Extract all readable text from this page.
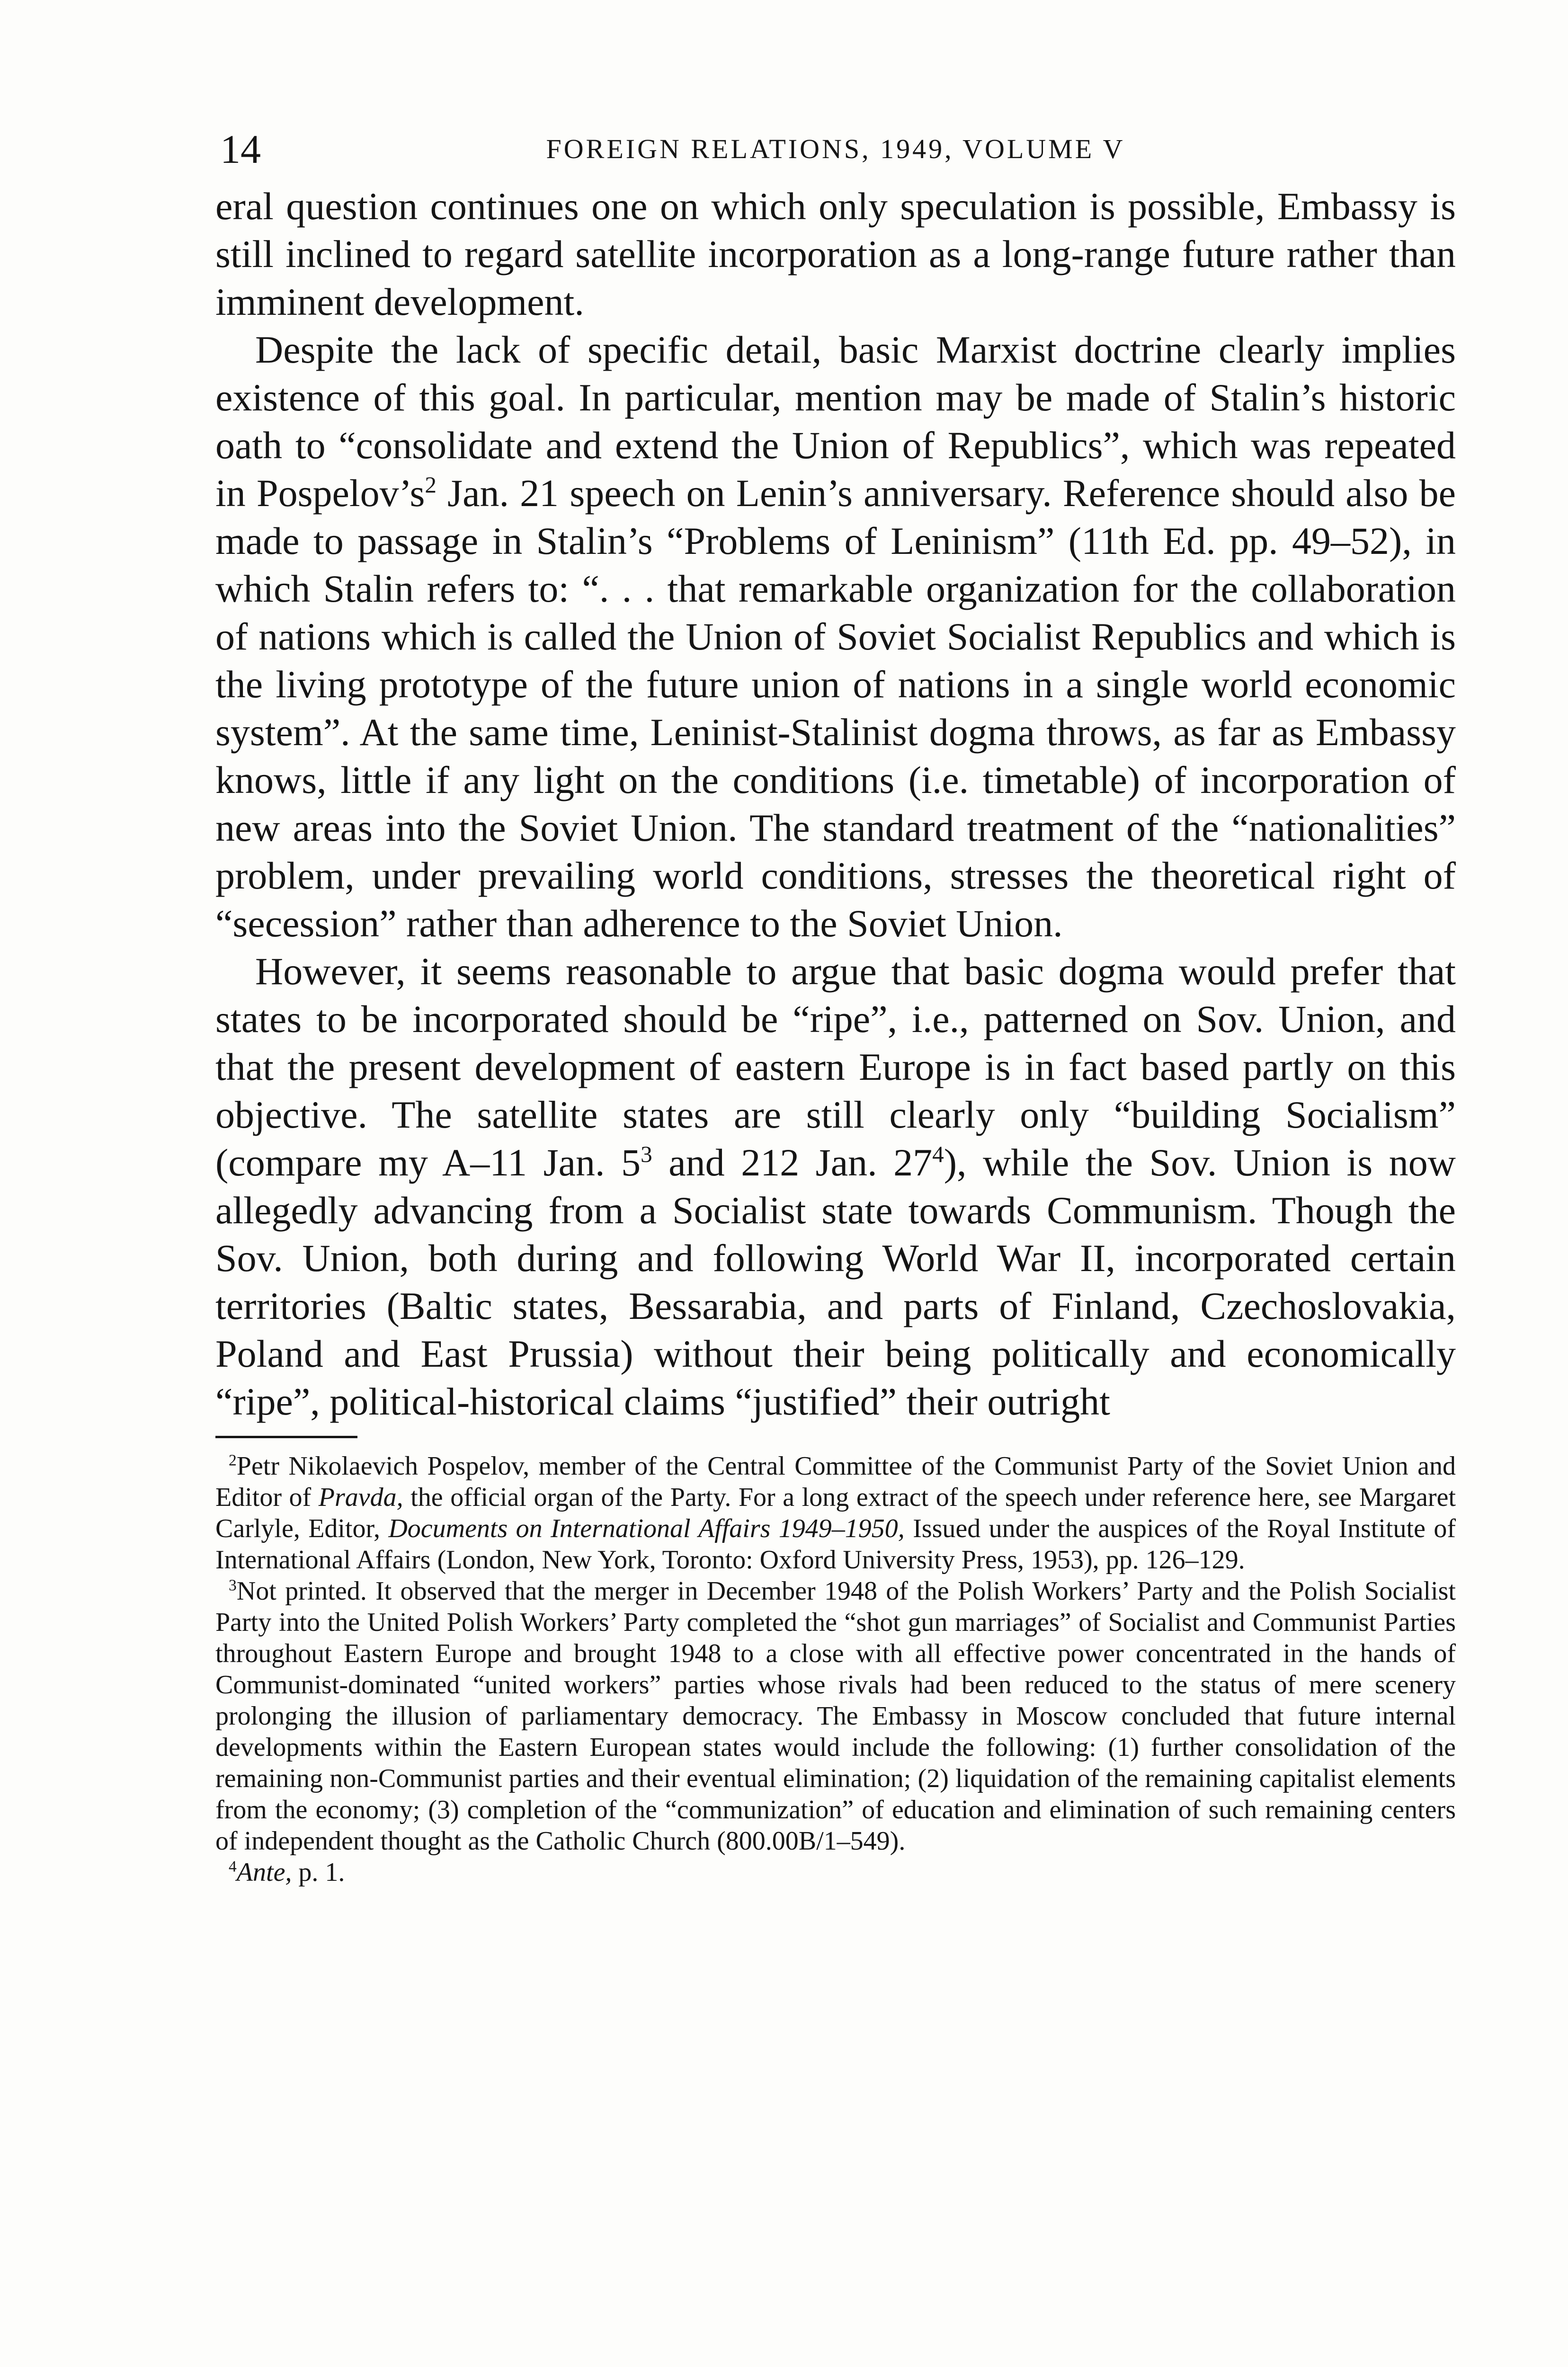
14	FOREIGN RELATIONS, 1949, VOLUME V

eral question continues one on which only speculation is possible, Embassy is still inclined to regard satellite incorporation as a long-range future rather than imminent development.

Despite the lack of specific detail, basic Marxist doctrine clearly implies existence of this goal. In particular, mention may be made of Stalin’s historic oath to “consolidate and extend the Union of Republics”, which was repeated in $Pospelov’s^2$ Jan. 21 speech on Lenin’s anniversary. Reference should also be made to passage in Stalin’s “Problems of Leninism” (11th Ed. pp. 49–52), in which Stalin refers to: “. . . that remarkable organization for the collaboration of nations which is called the Union of Soviet Socialist Republics and which is the living prototype of the future union of nations in a single world economic system”. At the same time, Leninist-Stalinist dogma throws, as far as Embassy knows, little if any light on the conditions (i.e. timetable) of incorporation of new areas into the Soviet Union. The standard treatment of the “nationalities” problem, under prevailing world conditions, stresses the theoretical right of “secession” rather than adherence to the Soviet Union.

However, it seems reasonable to argue that basic dogma would prefer that states to be incorporated should be “ripe”, i.e., patterned on Sov. Union, and that the present development of eastern Europe is in fact based partly on this objective. The satellite states are still clearly only “building Socialism” (compare my A–11 Jan. $5^3$ and 212 Jan. $27^4$), while the Sov. Union is now allegedly advancing from a Socialist state towards Communism. Though the Sov. Union, both during and following World War II, incorporated certain territories (Baltic states, Bessarabia, and parts of Finland, Czechoslovakia, Poland and East Prussia) without their being politically and economically “ripe”, political-historical claims “justified” their outright

$^2$Petr Nikolaevich Pospelov, member of the Central Committee of the Communist Party of the Soviet Union and Editor of Pravda, the official organ of the Party. For a long extract of the speech under reference here, see Margaret Carlyle, Editor, Documents on International Affairs 1949–1950, Issued under the auspices of the Royal Institute of International Affairs (London, New York, Toronto: Oxford University Press, 1953), pp. 126–129.

$^3$Not printed. It observed that the merger in December 1948 of the Polish Workers’ Party and the Polish Socialist Party into the United Polish Workers’ Party completed the “shot gun marriages” of Socialist and Communist Parties throughout Eastern Europe and brought 1948 to a close with all effective power concentrated in the hands of Communist-dominated “united workers” parties whose rivals had been reduced to the status of mere scenery prolonging the illusion of parliamentary democracy. The Embassy in Moscow concluded that future internal developments within the Eastern European states would include the following: (1) further consolidation of the remaining non-Communist parties and their eventual elimination; (2) liquidation of the remaining capitalist elements from the economy; (3) completion of the “communization” of education and elimination of such remaining centers of independent thought as the Catholic Church (800.00B/1–549).

$^4$Ante, p. 1.
